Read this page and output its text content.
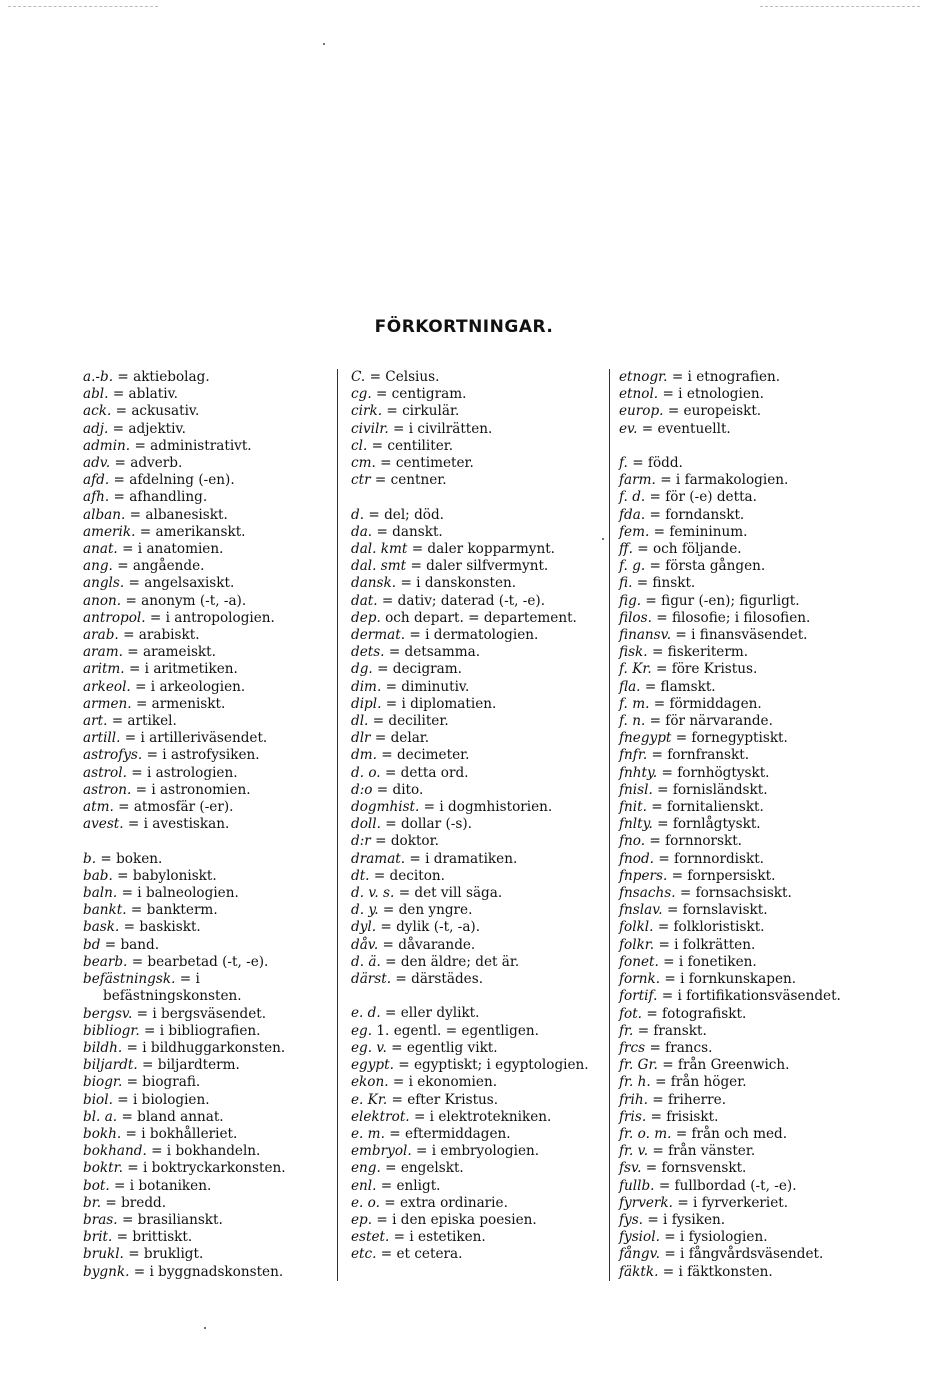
FÖRKORTNINGAR.
a.-b. = aktiebolag.
abl. = ablativ.
ack. = ackusativ.
adj. = adjektiv.
admin. = administrativt.
adv. = adverb.
afd. = afdelning (-en).
afh. = afhandling.
alban. = albanesiskt.
amerik. = amerikanskt.
anat. = i anatomien.
ang. = angående.
angls. = angelsaxiskt.
anon. = anonym (-t, -a).
antropol. = i antropologien.
arab. = arabiskt.
aram. = arameiskt.
aritm. = i aritmetiken.
arkeol. = i arkeologien.
armen. = armeniskt.
art. = artikel.
artill. = i artilleriväsendet.
astrofys. = i astrofysiken.
astrol. = i astrologien.
astron. = i astronomien.
atm. = atmosfär (-er).
avest. = i avestiskan.
b. = boken.
bab. = babyloniskt.
baln. = i balneologien.
bankt. = bankterm.
bask. = baskiskt.
bd = band.
bearb. = bearbetad (-t, -e).
befästningsk. = i befästningskonsten.
bergsv. = i bergsväsendet.
bibliogr. = i bibliografien.
bildh. = i bildhuggarkonsten.
biljardt. = biljardterm.
biogr. = biografi.
biol. = i biologien.
bl. a. = bland annat.
bokh. = i bokhålleriet.
bokhand. = i bokhandeln.
boktr. = i boktryckarkonsten.
bot. = i botaniken.
br. = bredd.
bras. = brasilianskt.
brit. = brittiskt.
brukl. = brukligt.
bygnk. = i byggnadskonsten.
C. = Celsius.
cg. = centigram.
cirk. = cirkulär.
civilr. = i civilrätten.
cl. = centiliter.
cm. = centimeter.
ctr = centner.
d. = del; död.
da. = danskt.
dal. kmt = daler kopparmynt.
dal. smt = daler silfvermynt.
dansk. = i danskonsten.
dat. = dativ; daterad (-t, -e).
dep. och depart. = departement.
dermat. = i dermatologien.
dets. = detsamma.
dg. = decigram.
dim. = diminutiv.
dipl. = i diplomatien.
dl. = deciliter.
dlr = delar.
dm. = decimeter.
d. o. = detta ord.
d:o = dito.
dogmhist. = i dogmhistorien.
doll. = dollar (-s).
d:r = doktor.
dramat. = i dramatiken.
dt. = deciton.
d. v. s. = det vill säga.
d. y. = den yngre.
dyl. = dylik (-t, -a).
dåv. = dåvarande.
d. ä. = den äldre; det är.
därst. = därstädes.
e. d. = eller dylikt.
eg. 1. egentl. = egentligen.
eg. v. = egentlig vikt.
egypt. = egyptiskt; i egyptologien.
ekon. = i ekonomien.
e. Kr. = efter Kristus.
elektrot. = i elektrotekniken.
e. m. = eftermiddagen.
embryol. = i embryologien.
eng. = engelskt.
enl. = enligt.
e. o. = extra ordinarie.
ep. = i den episka poesien.
estet. = i estetiken.
etc. = et cetera.
etnogr. = i etnografien.
etnol. = i etnologien.
europ. = europeiskt.
ev. = eventuellt.
f. = född.
farm. = i farmakologien.
f. d. = för (-e) detta.
fda. = forndanskt.
fem. = femininum.
ff. = och följande.
f. g. = första gången.
fi. = finskt.
fig. = figur (-en); figurligt.
filos. = filosofie; i filosofien.
finansv. = i finansväsendet.
fisk. = fiskeriterm.
f. Kr. = före Kristus.
fla. = flamskt.
f. m. = förmiddagen.
f. n. = för närvarande.
fnegypt = fornegyptiskt.
fnfr. = fornfranskt.
fnhty. = fornhögtyskt.
fnisl. = fornisländskt.
fnit. = fornitalienskt.
fnlty. = fornlågtyskt.
fno. = fornnorskt.
fnod. = fornnordiskt.
fnpers. = fornpersiskt.
fnsachs. = fornsachsiskt.
fnslav. = fornslaviskt.
folkl. = folkloristiskt.
folkr. = i folkrätten.
fonet. = i fonetiken.
fornk. = i fornkunskapen.
fortif. = i fortifikationsväsendet.
fot. = fotografiskt.
fr. = franskt.
frcs = francs.
fr. Gr. = från Greenwich.
fr. h. = från höger.
frih. = friherre.
fris. = frisiskt.
fr. o. m. = från och med.
fr. v. = från vänster.
fsv. = fornsvenskt.
fullb. = fullbordad (-t, -e).
fyrverk. = i fyrverkeriet.
fys. = i fysiken.
fysiol. = i fysiologien.
fångv. = i fångvårdsväsendet.
fäktk. = i fäktkonsten.
